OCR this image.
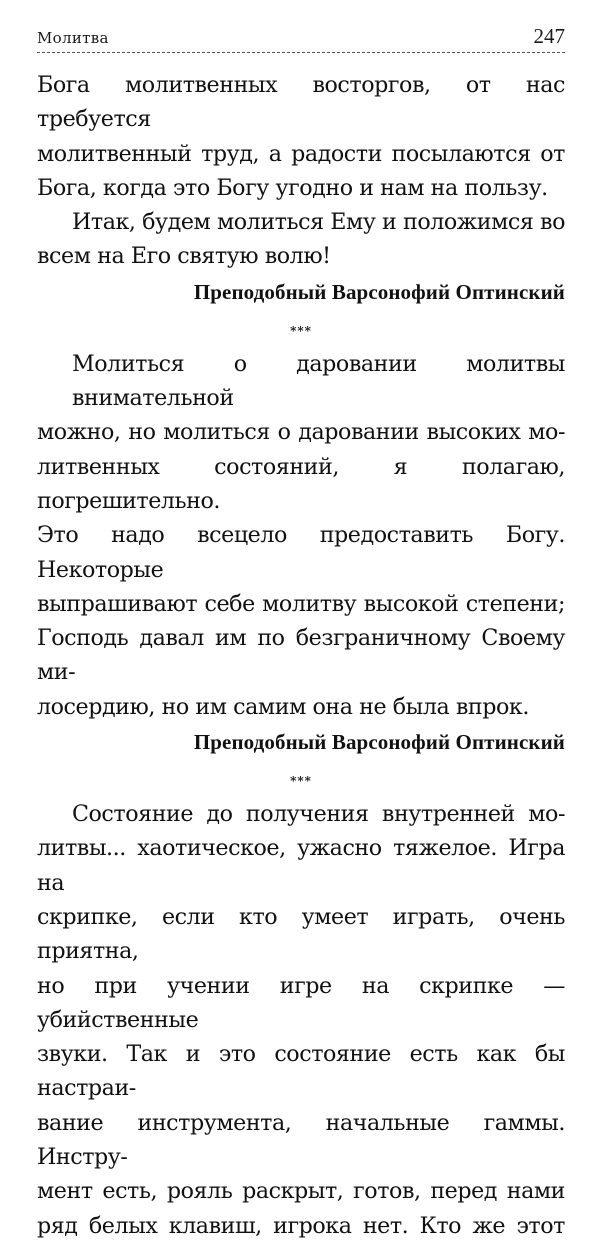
Молитва	247

Бога молитвенных восторгов, от нас требуется
молитвенный труд, а радости посылаются от
Бога, когда это Богу угодно и нам на пользу.

Итак, будем молиться Ему и положимся во
всем на Его святую волю!

Преподобный Варсонофий Оптинский

***

Молиться о даровании молитвы внимательной
можно, но молиться о даровании высоких мо-
литвенных состояний, я полагаю, погрешительно.
Это надо всецело предоставить Богу. Некоторые
выпрашивают себе молитву высокой степени;
Господь давал им по безграничному Своему ми-
лосердию, но им самим она не была впрок.

Преподобный Варсонофий Оптинский

***

Состояние до получения внутренней мо-
литвы... хаотическое, ужасно тяжелое. Игра на
скрипке, если кто умеет играть, очень приятна,
но при учении игре на скрипке — убийственные
звуки. Так и это состояние есть как бы настраи-
вание инструмента, начальные гаммы. Инстру-
мент есть, рояль раскрыт, готов, перед нами
ряд белых клавиш, игрока нет. Кто же этот
